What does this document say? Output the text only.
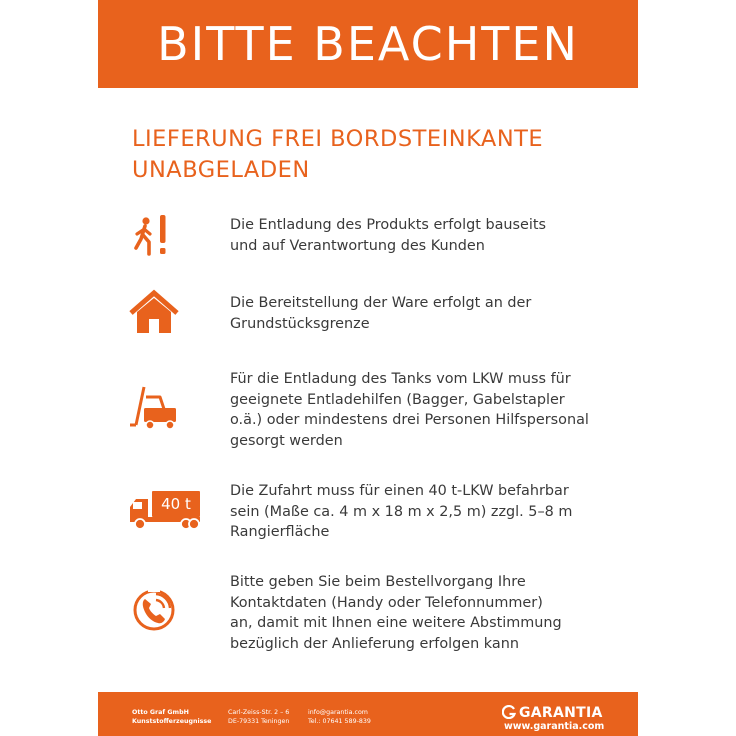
BITTE BEACHTEN
LIEFERUNG FREI BORDSTEINKANTE
UNABGELADEN
Die Entladung des Produkts erfolgt bauseits
und auf Verantwortung des Kunden
Die Bereitstellung der Ware erfolgt an der
Grundstücksgrenze
Für die Entladung des Tanks vom LKW muss für
geeignete Entladehilfen (Bagger, Gabelstapler
o.ä.) oder mindestens drei Personen Hilfspersonal
gesorgt werden
40 t
Die Zufahrt muss für einen 40 t-LKW befahrbar
sein (Maße ca. 4 m x 18 m x 2,5 m) zzgl. 5–8 m
Rangierfläche
Bitte geben Sie beim Bestellvorgang Ihre
Kontaktdaten (Handy oder Telefonnummer)
an, damit mit Ihnen eine weitere Abstimmung
bezüglich der Anlieferung erfolgen kann
Otto Graf GmbH
Kunststofferzeugnisse
Carl-Zeiss-Str. 2 – 6
DE-79331 Teningen
info@garantia.com
Tel.: 07641 589-839
GARANTIA
www.garantia.com
